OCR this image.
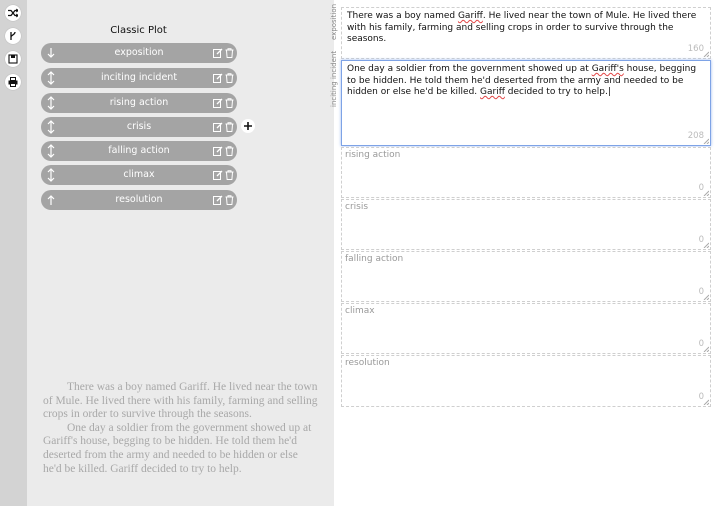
Classic Plot
exposition
inciting incident
rising action
crisis
falling action
climax
resolution

There was a boy named Gariff. He lived near the town of Mule. He lived there with his family, farming and selling crops in order to survive through the seasons.

One day a soldier from the government showed up at Gariff's house, begging to be hidden. He told them he'd deserted from the army and needed to be hidden or else he'd be killed. Gariff decided to try to help.

exposition
inciting incident
There was a boy named Gariff. He lived near the town of Mule. He lived there with his family, farming and selling crops in order to survive through the seasons.
160
One day a soldier from the government showed up at Gariff's house, begging to be hidden. He told them he'd deserted from the army and needed to be hidden or else he'd be killed. Gariff decided to try to help.|
208
rising action
0
crisis
0
falling action
0
climax
0
resolution
0
